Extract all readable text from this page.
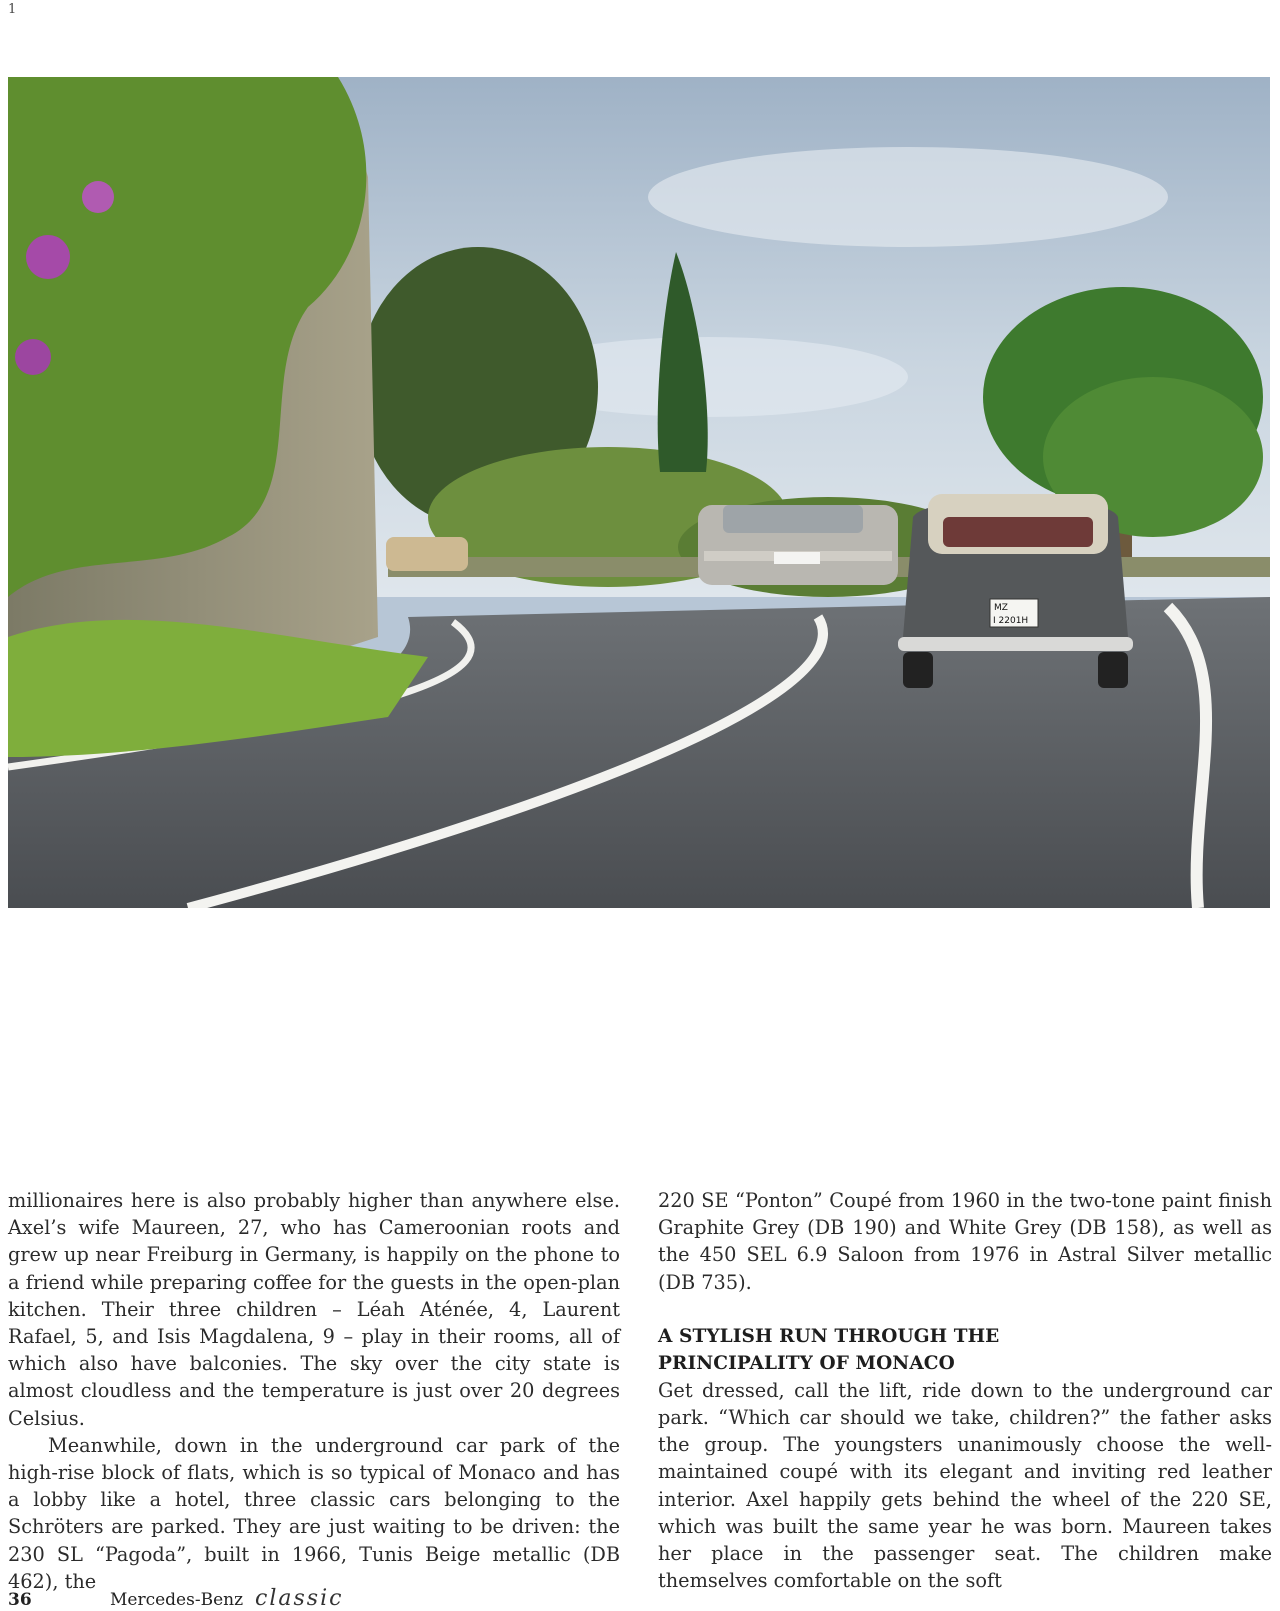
1
MZ
I 2201H

millionaires here is also probably higher than anywhere else. Axel’s wife Maureen, 27, who has Cameroonian roots and grew up near Freiburg in Germany, is happily on the phone to a friend while preparing coffee for the guests in the open-plan kitchen. Their three children – Léah Aténée, 4, Laurent Rafael, 5, and Isis Magdalena, 9 – play in their rooms, all of which also have balconies. The sky over the city state is almost cloudless and the temperature is just over 20 degrees Celsius.

Meanwhile, down in the underground car park of the high-rise block of flats, which is so typical of Monaco and has a lobby like a hotel, three classic cars belonging to the Schröters are parked. They are just waiting to be driven: the 230 SL “Pagoda”, built in 1966, Tunis Beige metallic (DB 462), the

220 SE “Ponton” Coupé from 1960 in the two-tone paint finish Graphite Grey (DB 190) and White Grey (DB 158), as well as the 450 SEL 6.9 Saloon from 1976 in Astral Silver metallic (DB 735).

A STYLISH RUN THROUGH THE
PRINCIPALITY OF MONACO

Get dressed, call the lift, ride down to the underground car park. “Which car should we take, children?” the father asks the group. The youngsters unanimously choose the well-maintained coupé with its elegant and inviting red leather interior. Axel happily gets behind the wheel of the 220 SE, which was built the same year he was born. Maureen takes her place in the passenger seat. The children make themselves comfortable on the soft

36	Mercedes-Benz classic
